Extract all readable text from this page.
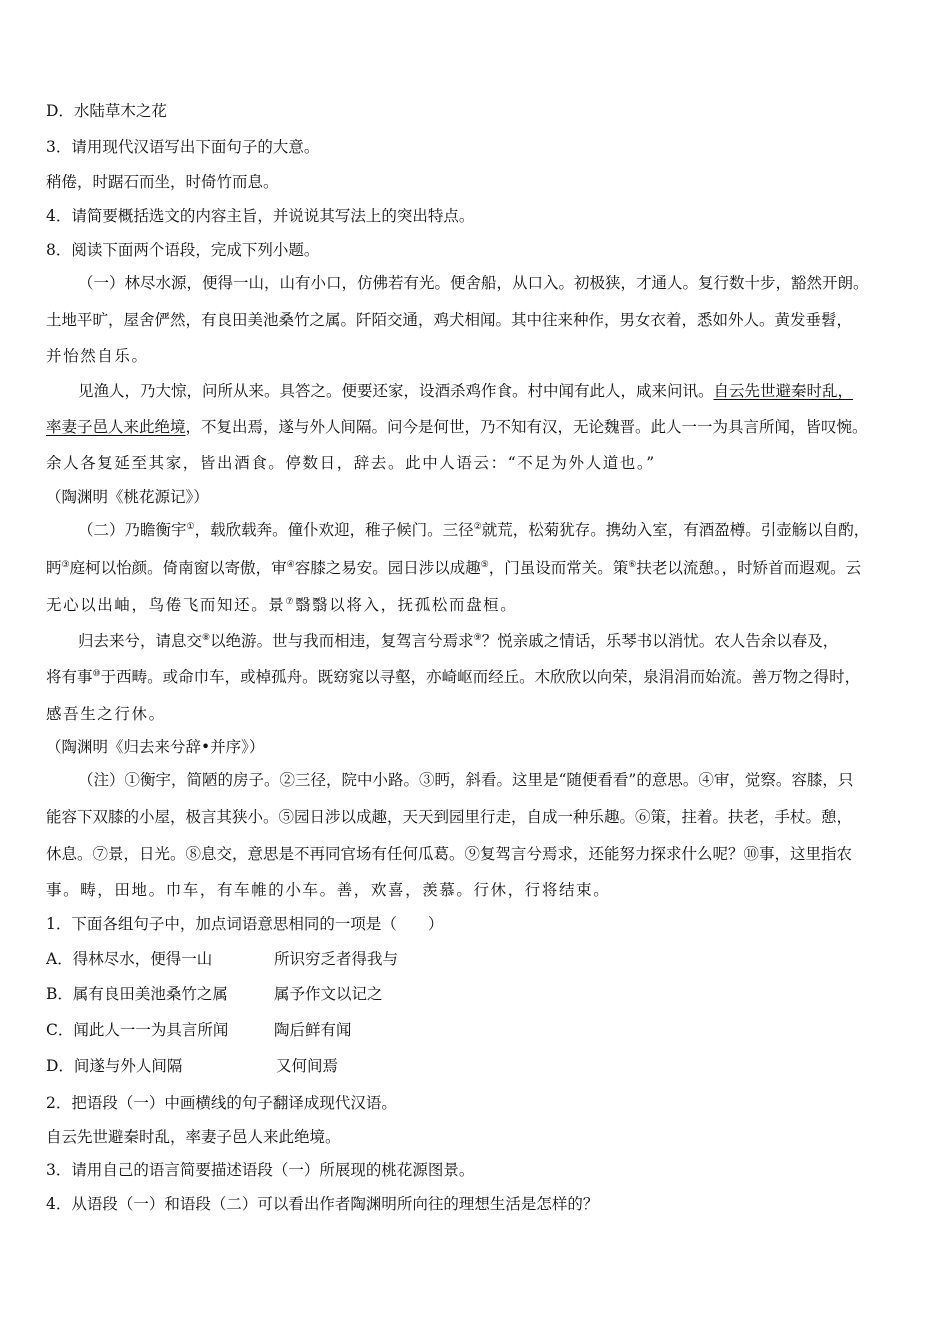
D．水陆草木之花
3．请用现代汉语写出下面句子的大意。
稍倦，时踞石而坐，时倚竹而息。
4．请简要概括选文的内容主旨，并说说其写法上的突出特点。
8．阅读下面两个语段，完成下列小题。
（一）林尽水源，便得一山，山有小口，仿佛若有光。便舍船，从口入。初极狭，才通人。复行数十步，豁然开朗。
土地平旷，屋舍俨然，有良田美池桑竹之属。阡陌交通，鸡犬相闻。其中往来种作，男女衣着，悉如外人。黄发垂髫，
并怡然自乐。
见渔人，乃大惊，问所从来。具答之。便要还家，设酒杀鸡作食。村中闻有此人，咸来问讯。自云先世避秦时乱，
率妻子邑人来此绝境，不复出焉，遂与外人间隔。问今是何世，乃不知有汉，无论魏晋。此人一一为具言所闻，皆叹惋。
余人各复延至其家，皆出酒食。停数日，辞去。此中人语云：“不足为外人道也。”
（陶渊明《桃花源记》）
（二）乃瞻衡宇①，载欣载奔。僮仆欢迎，稚子候门。三径②就荒，松菊犹存。携幼入室，有酒盈樽。引壶觞以自酌，
眄③庭柯以怡颜。倚南窗以寄傲，审④容膝之易安。园日涉以成趣⑤，门虽设而常关。策⑥扶老以流憩。，时矫首而遐观。云
无心以出岫，鸟倦飞而知还。景⑦翳翳以将入，抚孤松而盘桓。
归去来兮，请息交⑧以绝游。世与我而相违，复驾言兮焉求⑨？悦亲戚之情话，乐琴书以消忧。农人告余以春及，
将有事⑩于西畴。或命巾车，或棹孤舟。既窈窕以寻壑，亦崎岖而经丘。木欣欣以向荣，泉涓涓而始流。善万物之得时，
感吾生之行休。
（陶渊明《归去来兮辞•并序》）
（注）①衡宇，简陋的房子。②三径，院中小路。③眄，斜看。这里是“随便看看”的意思。④审，觉察。容膝，只
能容下双膝的小屋，极言其狭小。⑤园日涉以成趣，天天到园里行走，自成一种乐趣。⑥策，拄着。扶老，手杖。憩，
休息。⑦景，日光。⑧息交，意思是不再同官场有任何瓜葛。⑨复驾言兮焉求，还能努力探求什么呢？⑩事，这里指农
事。畴，田地。巾车，有车帷的小车。善，欢喜，羡慕。行休，行将结束。
1．下面各组句子中，加点词语意思相同的一项是（　　）
A．得林尽水，便得一山	所识穷乏者得我与
B．属有良田美池桑竹之属	属予作文以记之
C．闻此人一一为具言所闻	陶后鲜有闻
D．间遂与外人间隔	又何间焉
2．把语段（一）中画横线的句子翻译成现代汉语。
自云先世避秦时乱，率妻子邑人来此绝境。
3．请用自己的语言简要描述语段（一）所展现的桃花源图景。
4．从语段（一）和语段（二）可以看出作者陶渊明所向往的理想生活是怎样的？
